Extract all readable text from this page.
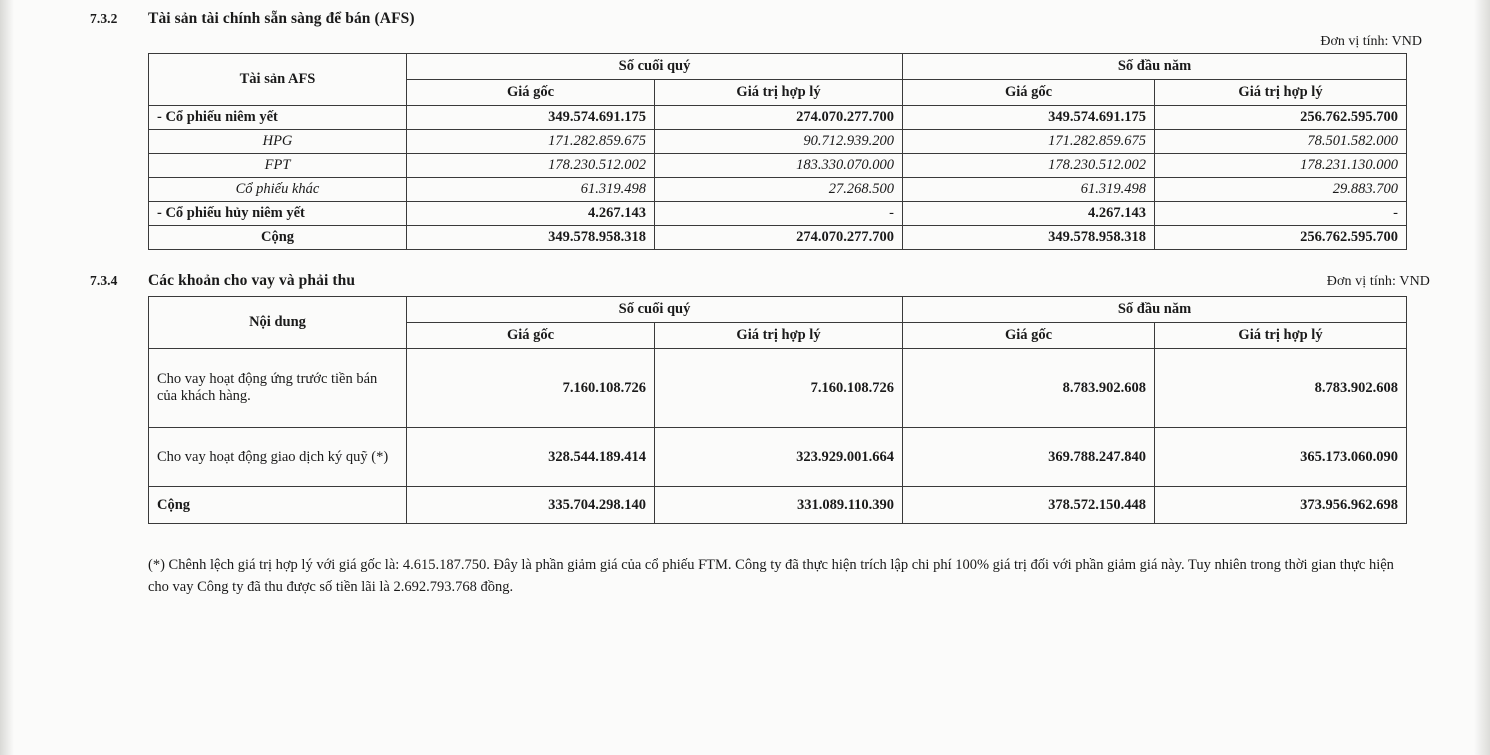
7.3.2	Tài sản tài chính sẵn sàng để bán (AFS)
Đơn vị tính: VND
Tài sản AFS	Số cuối quý		Số đầu năm	
	Giá gốc	Giá trị hợp lý	Giá gốc	Giá trị hợp lý
- Cổ phiếu niêm yết	349.574.691.175	274.070.277.700	349.574.691.175	256.762.595.700
HPG	171.282.859.675	90.712.939.200	171.282.859.675	78.501.582.000
FPT	178.230.512.002	183.330.070.000	178.230.512.002	178.231.130.000
Cổ phiếu khác	61.319.498	27.268.500	61.319.498	29.883.700
- Cổ phiếu hủy niêm yết	4.267.143	-	4.267.143	-
Cộng	349.578.958.318	274.070.277.700	349.578.958.318	256.762.595.700
7.3.4	Các khoản cho vay và phải thu	Đơn vị tính: VND
Nội dung	Số cuối quý		Số đầu năm	
	Giá gốc	Giá trị hợp lý	Giá gốc	Giá trị hợp lý
Cho vay hoạt động ứng trước tiền bán của khách hàng.	7.160.108.726	7.160.108.726	8.783.902.608	8.783.902.608
Cho vay hoạt động giao dịch ký quỹ (*)	328.544.189.414	323.929.001.664	369.788.247.840	365.173.060.090
Cộng	335.704.298.140	331.089.110.390	378.572.150.448	373.956.962.698

(*) Chênh lệch giá trị hợp lý với giá gốc là: 4.615.187.750. Đây là phần giảm giá của cổ phiếu FTM. Công ty đã thực hiện trích lập chi phí 100% giá trị đối với phần giảm giá này. Tuy nhiên trong thời gian thực hiện cho vay Công ty đã thu được số tiền lãi là 2.692.793.768 đồng.
